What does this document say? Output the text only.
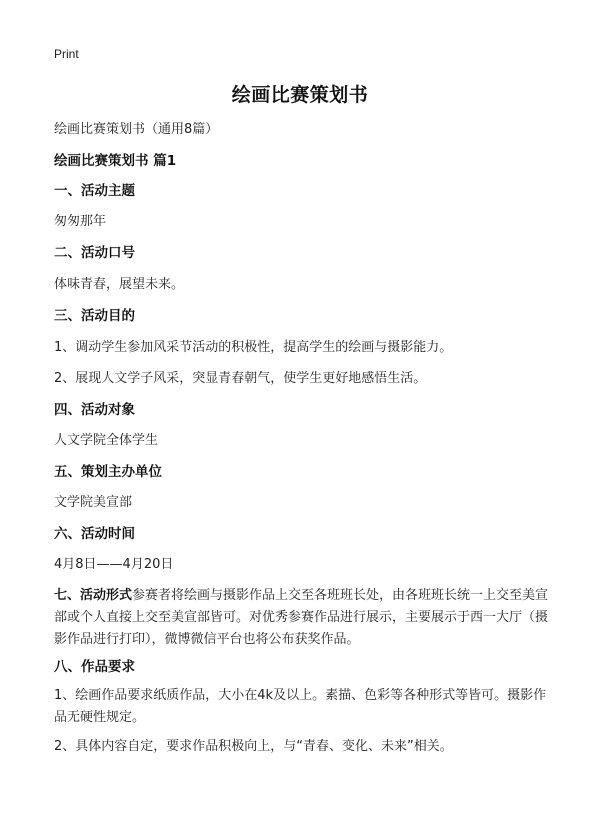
Print
绘画比赛策划书
绘画比赛策划书（通用8篇）
绘画比赛策划书 篇1
一、活动主题
匆匆那年
二、活动口号
体味青春，展望未来。
三、活动目的
1、调动学生参加风采节活动的积极性，提高学生的绘画与摄影能力。
2、展现人文学子风采，突显青春朝气，使学生更好地感悟生活。
四、活动对象
人文学院全体学生
五、策划主办单位
文学院美宣部
六、活动时间
4月8日——4月20日
七、活动形式参赛者将绘画与摄影作品上交至各班班长处，由各班班长统一上交至美宣部或个人直接上交至美宣部皆可。对优秀参赛作品进行展示，主要展示于西一大厅（摄影作品进行打印），微博微信平台也将公布获奖作品。
八、作品要求
1、绘画作品要求纸质作品，大小在4k及以上。素描、色彩等各种形式等皆可。摄影作品无硬性规定。
2、具体内容自定，要求作品积极向上，与“青春、变化、未来”相关。
